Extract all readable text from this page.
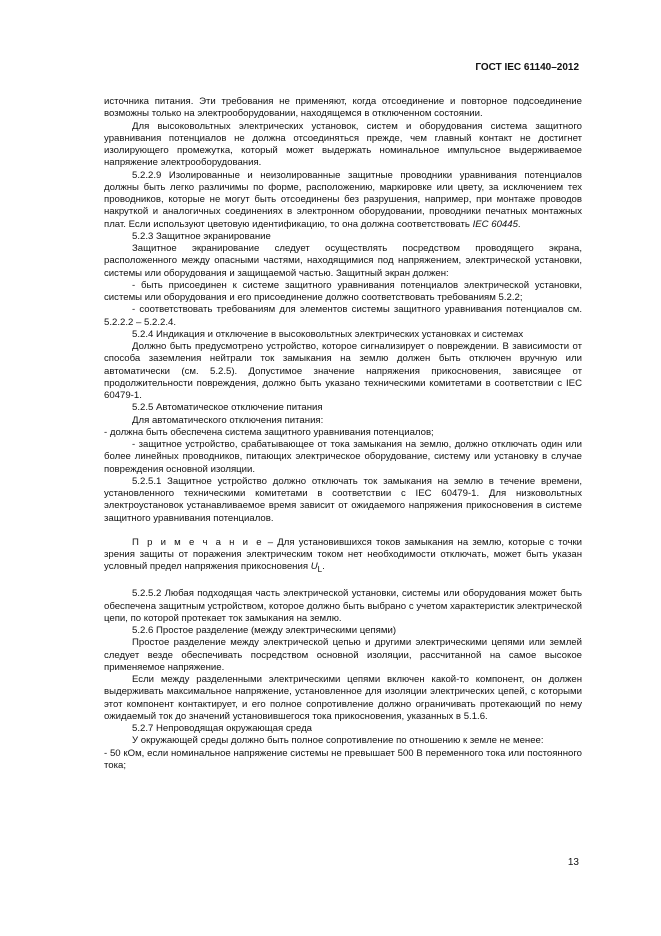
ГОСТ IEC 61140–2012

источника питания. Эти требования не применяют, когда отсоединение и повторное подсоединение возможны только на электрооборудовании, находящемся в отключенном состоянии.

Для высоковольтных электрических установок, систем и оборудования система защитного уравнивания потенциалов не должна отсоединяться прежде, чем главный контакт не достигнет изолирующего промежутка, который может выдержать номинальное импульсное выдерживаемое напряжение электрооборудования.

5.2.2.9 Изолированные и неизолированные защитные проводники уравнивания потенциалов должны быть легко различимы по форме, расположению, маркировке или цвету, за исключением тех проводников, которые не могут быть отсоединены без разрушения, например, при монтаже проводов накруткой и аналогичных соединениях в электронном оборудовании, проводники печатных монтажных плат. Если используют цветовую идентификацию, то она должна соответствовать IEC 60445.

5.2.3 Защитное экранирование

Защитное экранирование следует осуществлять посредством проводящего экрана, расположенного между опасными частями, находящимися под напряжением, электрической установки, системы или оборудования и защищаемой частью. Защитный экран должен:

- быть присоединен к системе защитного уравнивания потенциалов электрической установки, системы или оборудования и его присоединение должно соответствовать требованиям 5.2.2;

- соответствовать требованиям для элементов системы защитного уравнивания потенциалов см. 5.2.2.2 – 5.2.2.4.

5.2.4 Индикация и отключение в высоковольтных электрических установках и системах

Должно быть предусмотрено устройство, которое сигнализирует о повреждении. В зависимости от способа заземления нейтрали ток замыкания на землю должен быть отключен вручную или автоматически (см. 5.2.5). Допустимое значение напряжения прикосновения, зависящее от продолжительности повреждения, должно быть указано техническими комитетами в соответствии с IEC 60479-1.

5.2.5 Автоматическое отключение питания

Для автоматического отключения питания:

- должна быть обеспечена система защитного уравнивания потенциалов;

- защитное устройство, срабатывающее от тока замыкания на землю, должно отключать один или более линейных проводников, питающих электрическое оборудование, систему или установку в случае повреждения основной изоляции.

5.2.5.1 Защитное устройство должно отключать ток замыкания на землю в течение времени, установленного техническими комитетами в соответствии с IEC 60479-1. Для низковольтных электроустановок устанавливаемое время зависит от ожидаемого напряжения прикосновения в системе защитного уравнивания потенциалов.

П р и м е ч а н и е – Для установившихся токов замыкания на землю, которые с точки зрения защиты от поражения электрическим током нет необходимости отключать, может быть указан условный предел напряжения прикосновения $U_L$.

5.2.5.2 Любая подходящая часть электрической установки, системы или оборудования может быть обеспечена защитным устройством, которое должно быть выбрано с учетом характеристик электрической цепи, по которой протекает ток замыкания на землю.

5.2.6 Простое разделение (между электрическими цепями)

Простое разделение между электрической цепью и другими электрическими цепями или землей следует везде обеспечивать посредством основной изоляции, рассчитанной на самое высокое применяемое напряжение.

Если между разделенными электрическими цепями включен какой-то компонент, он должен выдерживать максимальное напряжение, установленное для изоляции электрических цепей, с которыми этот компонент контактирует, и его полное сопротивление должно ограничивать протекающий по нему ожидаемый ток до значений установившегося тока прикосновения, указанных в 5.1.6.

5.2.7 Непроводящая окружающая среда

У окружающей среды должно быть полное сопротивление по отношению к земле не менее:

- 50 кОм, если номинальное напряжение системы не превышает 500 В переменного тока или постоянного тока;

13
